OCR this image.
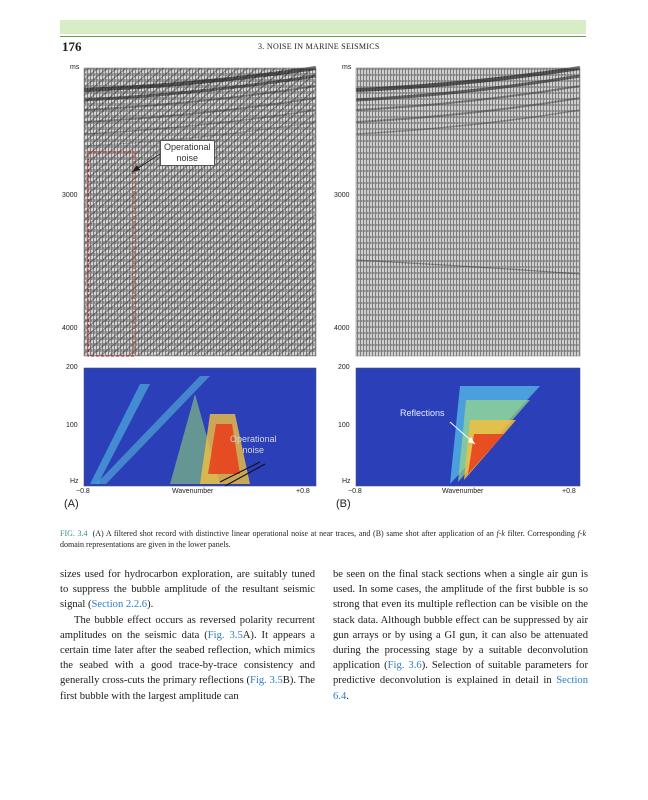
176	3. NOISE IN MARINE SEISMICS
ms
3000
4000
Operational
noise
ms
3000
4000
200
100
Hz
−0.8	Wavenumber	+0.8
(A)
Operational
noise
200
100
Hz
−0.8	Wavenumber	+0.8
(B)
Reflections
FIG. 3.4 (A) A filtered shot record with distinctive linear operational noise at near traces, and (B) same shot after application of an f-k filter. Corresponding f-k domain representations are given in the lower panels.

sizes used for hydrocarbon exploration, are suitably tuned to suppress the bubble amplitude of the resultant seismic signal (Section 2.2.6).

The bubble effect occurs as reversed polarity recurrent amplitudes on the seismic data (Fig. 3.5A). It appears a certain time later after the seabed reflection, which mimics the seabed with a good trace-by-trace consistency and generally cross-cuts the primary reflections (Fig. 3.5B). The first bubble with the largest amplitude can

be seen on the final stack sections when a single air gun is used. In some cases, the amplitude of the first bubble is so strong that even its multiple reflection can be visible on the stack data. Although bubble effect can be suppressed by air gun arrays or by using a GI gun, it can also be attenuated during the processing stage by a suitable deconvolution application (Fig. 3.6). Selection of suitable parameters for predictive deconvolution is explained in detail in Section 6.4.
